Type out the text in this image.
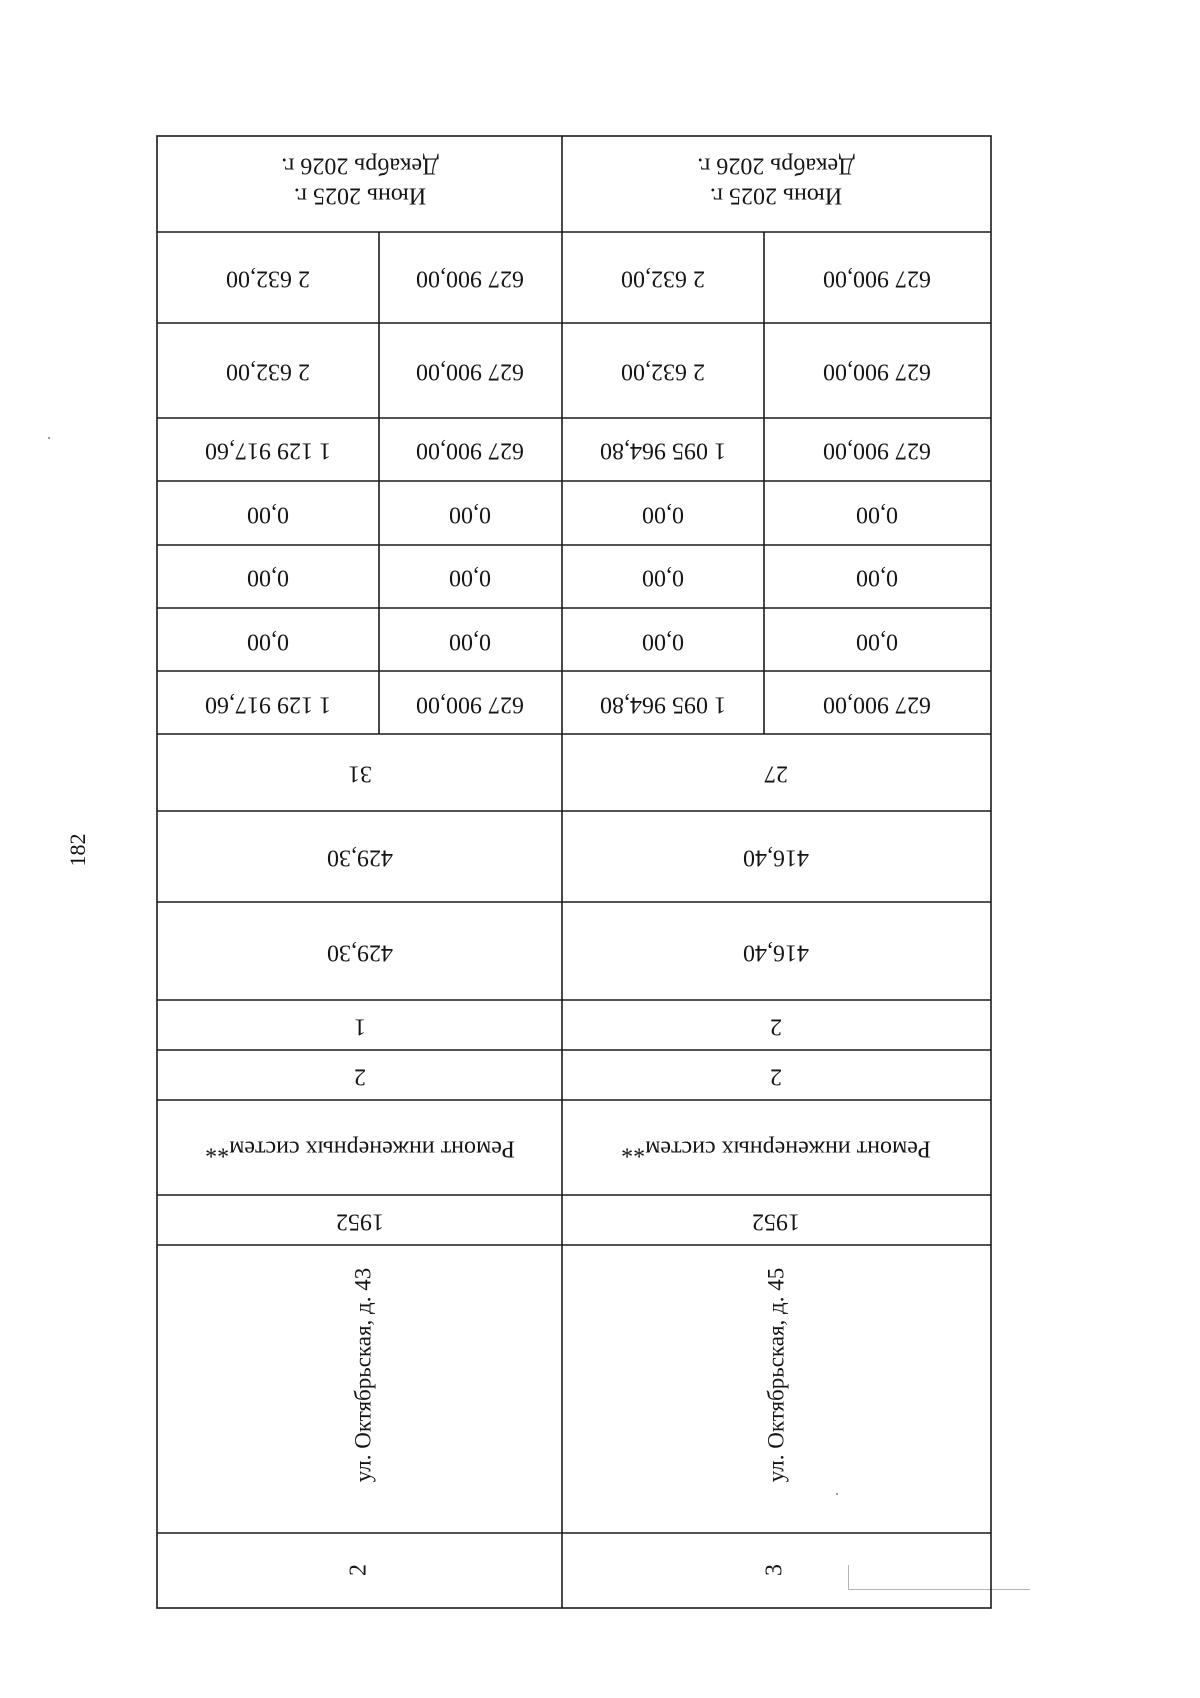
182
Июнь 2025 г.
Декабрь 2026 г.
627 900,00
2 632,00
627 900,00
2 632,00
627 900,00
1 095 964,80
0,00
0,00
0,00
0,00
0,00
0,00
627 900,00
1 095 964,80
27
416,40
416,40
2
2
Ремонт инженерных систем**
1952
ул. Октябрьская, д. 45
3
Июнь 2025 г.
Декабрь 2026 г.
627 900,00
2 632,00
627 900,00
2 632,00
627 900,00
1 129 917,60
0,00
0,00
0,00
0,00
0,00
0,00
627 900,00
1 129 917,60
31
429,30
429,30
1
2
Ремонт инженерных систем**
1952
ул. Октябрьская, д. 43
2
